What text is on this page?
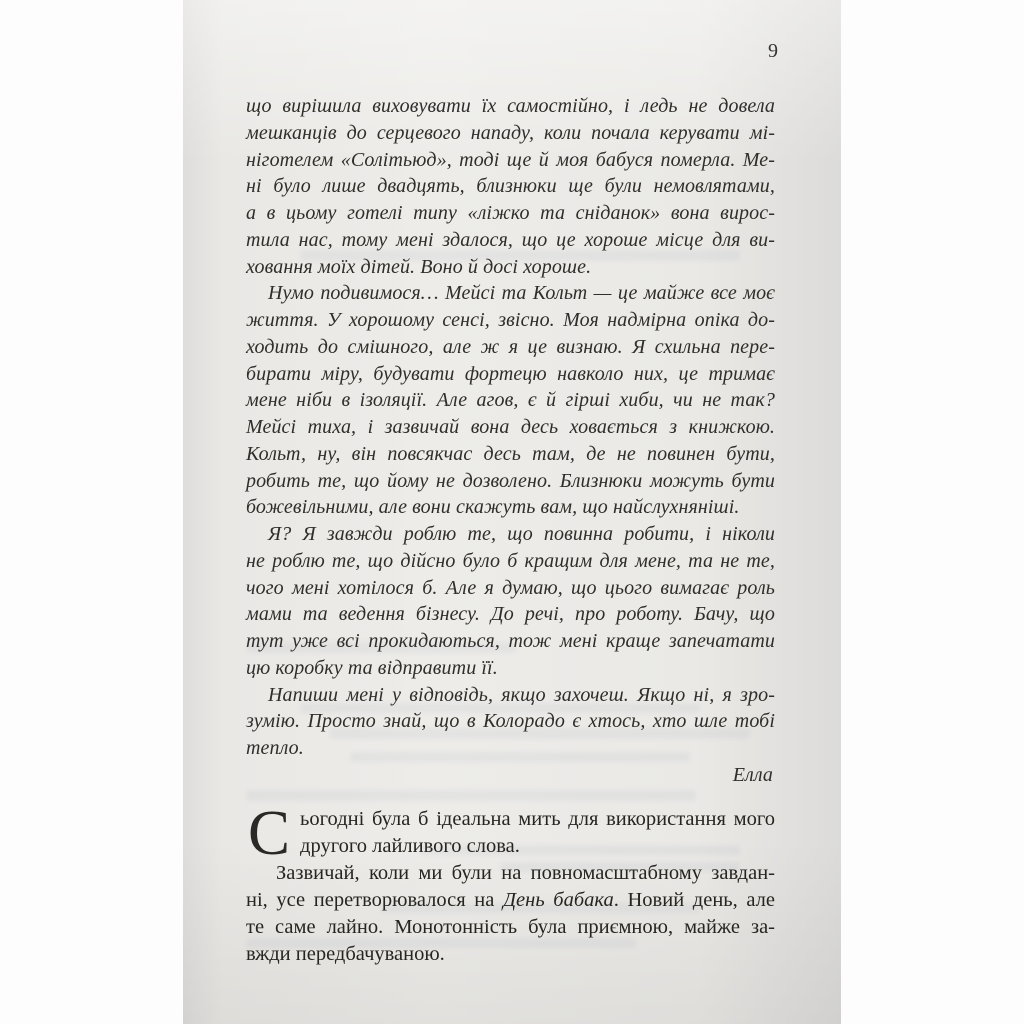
9
що вирішила виховувати їх самостійно, і ледь не довела
мешканців до серцевого нападу, коли почала керувати мі-
ніготелем «Солітьюд», тоді ще й моя бабуся померла. Ме-
ні було лише двадцять, близнюки ще були немовлятами,
а в цьому готелі типу «ліжко та сніданок» вона вирос-
тила нас, тому мені здалося, що це хороше місце для ви-
ховання моїх дітей. Воно й досі хороше.
Нумо подивимося… Мейсі та Кольт — це майже все моє
життя. У хорошому сенсі, звісно. Моя надмірна опіка до-
ходить до смішного, але ж я це визнаю. Я схильна пере-
бирати міру, будувати фортецю навколо них, це тримає
мене ніби в ізоляції. Але агов, є й гірші хиби, чи не так?
Мейсі тиха, і зазвичай вона десь ховається з книжкою.
Кольт, ну, він повсякчас десь там, де не повинен бути,
робить те, що йому не дозволено. Близнюки можуть бути
божевільними, але вони скажуть вам, що найслухняніші.
Я? Я завжди роблю те, що повинна робити, і ніколи
не роблю те, що дійсно було б кращим для мене, та не те,
чого мені хотілося б. Але я думаю, що цього вимагає роль
мами та ведення бізнесу. До речі, про роботу. Бачу, що
тут уже всі прокидаються, тож мені краще запечатати
цю коробку та відправити її.
Напиши мені у відповідь, якщо захочеш. Якщо ні, я зро-
зумію. Просто знай, що в Колорадо є хтось, хто шле тобі
тепло.
Елла
С ьогодні була б ідеальна мить для використання мого
другого лайливого слова.
Зазвичай, коли ми були на повномасштабному завдан-
ні, усе перетворювалося на День бабака. Новий день, але
те саме лайно. Монотонність була приємною, майже за-
вжди передбачуваною.
